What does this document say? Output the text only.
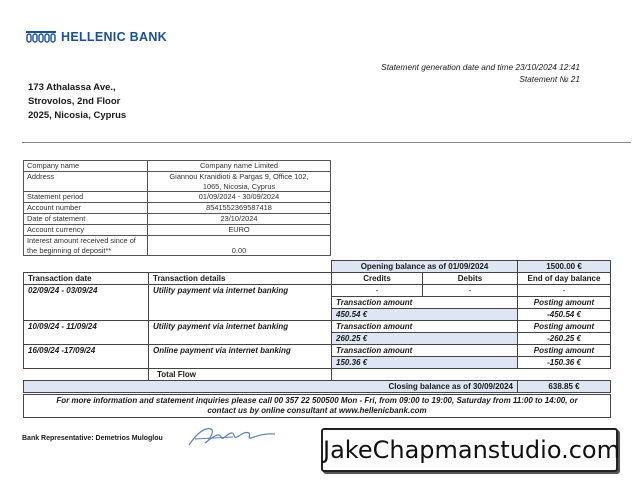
HELLENIC BANK
Statement generation date and time 23/10/2024 12:41
Statement № 21
173 Athalassa Ave.,
Strovolos, 2nd Floor
2025, Nicosia, Cyprus
Company name	Company name Limited
Address	Giannou Kranidioti & Pargas 9, Office 102, 1065, Nicosia, Cyprus
Statement period	01/09/2024 - 30/09/2024
Account number	8541552369587418
Date of statement	23/10/2024
Account currency	EURO
Interest amount received since of the beginning of deposit**	0.00
		Opening balance as of 01/09/2024		1500.00 €
Transaction date	Transaction details	Credits	Debits	End of day balance
02/09/24 - 03/09/24	Utility payment via internet banking	-	-	-
		Transaction amount		Posting amount
		450.54 €		-450.54 €
10/09/24 - 11/09/24	Utility payment via internet banking	Transaction amount		Posting amount
		260.25 €		-260.25 €
16/09/24 -17/09/24	Online payment via internet banking	Transaction amount		Posting amount
		150.36 €		-150.36 €
	Total Flow			
Closing balance as of 30/09/2024				638.85 €
For more information and statement inquiries please call 00 357 22 500500 Mon - Fri, from 09:00 to 19:00, Saturday from 11:00 to 14:00, or
contact us by online consultant at www.hellenicbank.com
Bank Representative: Demetrios Muloglou	JakeChapmanstudio.com
